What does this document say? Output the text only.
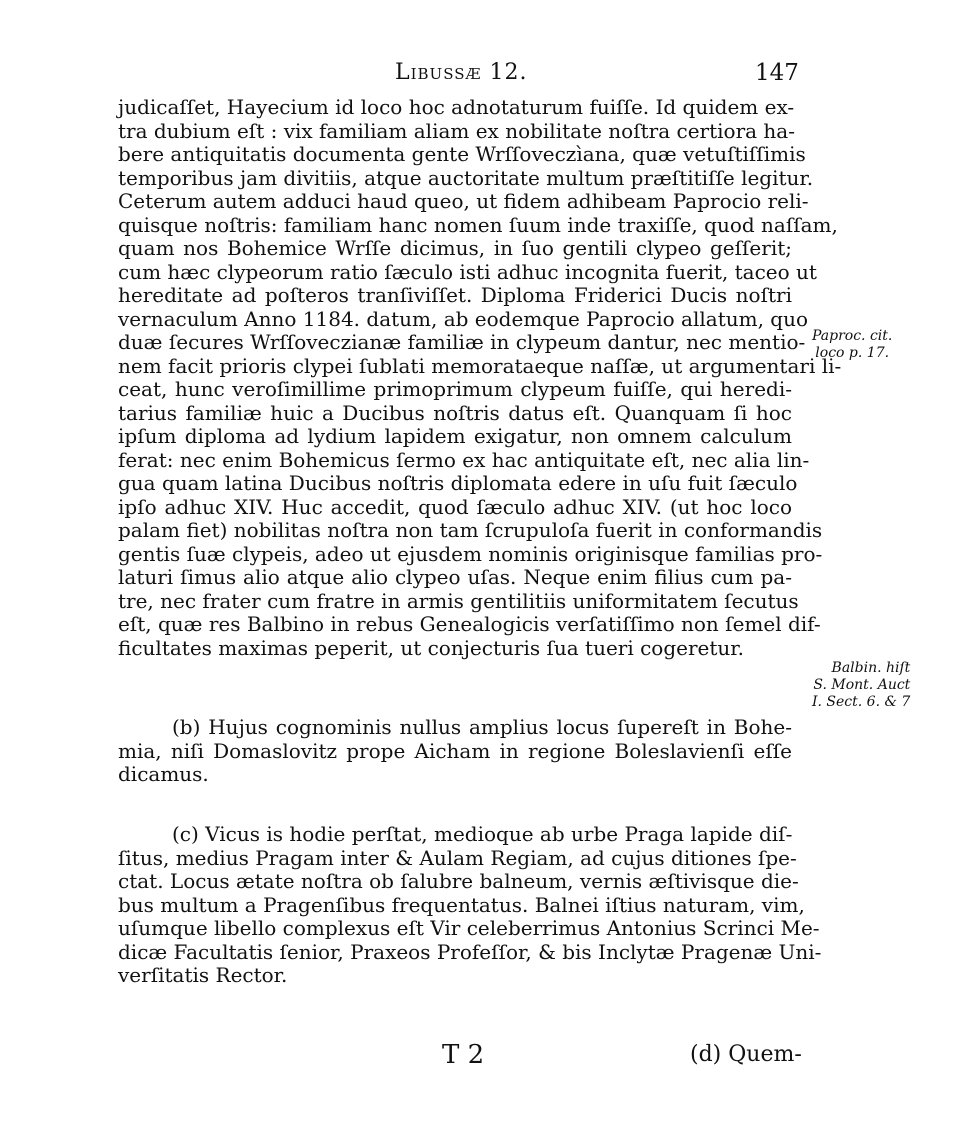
Libussæ 12.	147
judicaſſet, Hayecium id loco hoc adnotaturum fuiſſe. Id quidem ex-
tra dubium eſt : vix familiam aliam ex nobilitate noſtra certiora ha-
bere antiquitatis documenta gente Wrſſoveczìana, quæ vetuſtiſſimis
temporibus jam divitiis, atque auctoritate multum præſtitiſſe legitur.
Ceterum autem adduci haud queo, ut fidem adhibeam Paprocio reli-
quisque noſtris: familiam hanc nomen ſuum inde traxiſſe, quod naſſam,
quam nos Bohemice Wrſſe dicimus, in ſuo gentili clypeo geſſerit;
cum hæc clypeorum ratio ſæculo isti adhuc incognita fuerit, taceo ut
hereditate ad poſteros tranſiviſſet. Diploma Friderici Ducis noſtri
vernaculum Anno 1184. datum, ab eodemque Paprocio allatum, quo
duæ ſecures Wrſſoveczianæ familiæ in clypeum dantur, nec mentio-
nem facit prioris clypei ſublati memorataeque naſſæ, ut argumentari li-
ceat, hunc veroſimillime primoprimum clypeum fuiſſe, qui heredi-
tarius familiæ huic a Ducibus noſtris datus eſt. Quanquam ſi hoc
ipſum diploma ad lydium lapidem exigatur, non omnem calculum
ferat: nec enim Bohemicus ſermo ex hac antiquitate eſt, nec alia lin-
gua quam latina Ducibus noſtris diplomata edere in uſu fuit ſæculo
ipſo adhuc XIV. Huc accedit, quod ſæculo adhuc XIV. (ut hoc loco
palam fiet) nobilitas noſtra non tam ſcrupuloſa fuerit in conformandis
gentis ſuæ clypeis, adeo ut ejusdem nominis originisque familias pro-
laturi ſimus alio atque alio clypeo uſas. Neque enim filius cum pa-
tre, nec frater cum fratre in armis gentilitiis uniformitatem ſecutus
eſt, quæ res Balbino in rebus Genealogicis verſatiſſimo non ſemel dif-
ficultates maximas peperit, ut conjecturis ſua tueri cogeretur.
Paproc. cit.
loco p. 17.
Balbin. hiſt
S. Mont. Auct
I. Sect. 6. & 7
(b) Hujus cognominis nullus amplius locus ſupereſt in Bohe-
mia, niſi Domaslovitz prope Aicham in regione Boleslavienſi eſſe
dicamus.
(c) Vicus is hodie perſtat, medioque ab urbe Praga lapide diſ-
ſitus, medius Pragam inter & Aulam Regiam, ad cujus ditiones ſpe-
ctat. Locus ætate noſtra ob ſalubre balneum, vernis æſtivisque die-
bus multum a Pragenſibus frequentatus. Balnei iſtius naturam, vim,
uſumque libello complexus eſt Vir celeberrimus Antonius Scrinci Me-
dicæ Facultatis ſenior, Praxeos Profeſſor, & bis Inclytæ Pragenæ Uni-
verſitatis Rector.
T 2	(d) Quem-
